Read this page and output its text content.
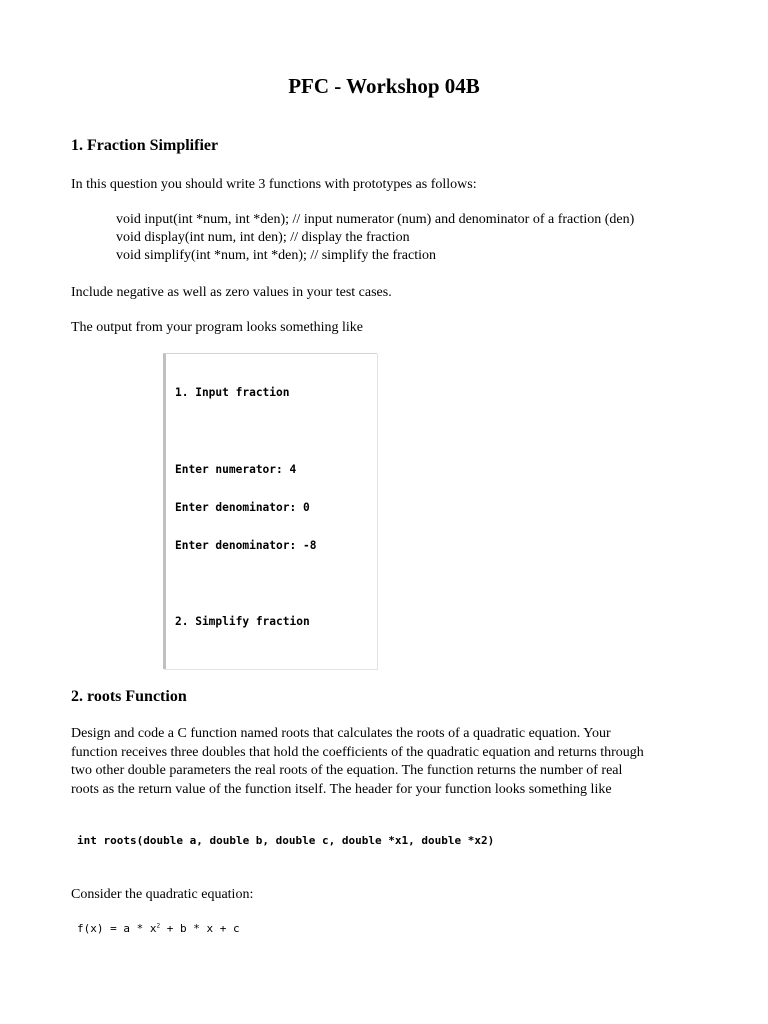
PFC - Workshop 04B
1. Fraction Simplifier

In this question you should write 3 functions with prototypes as follows:

void input(int *num, int *den); // input numerator (num) and denominator of a fraction (den)
void display(int num, int den); // display the fraction
void simplify(int *num, int *den); // simplify the fraction

Include negative as well as zero values in your test cases.

The output from your program looks something like

1. Input fraction

Enter numerator: 4

Enter denominator: 0

Enter denominator: -8

2. Simplify fraction

2. roots Function

Design and code a C function named roots that calculates the roots of a quadratic equation. Your

function receives three doubles that hold the coefficients of the quadratic equation and returns through

two other double parameters the real roots of the equation. The function returns the number of real

roots as the return value of the function itself. The header for your function looks something like

int roots(double a, double b, double c, double *x1, double *x2)

Consider the quadratic equation:

$f(x) = a * x^2 + b * x + c$
